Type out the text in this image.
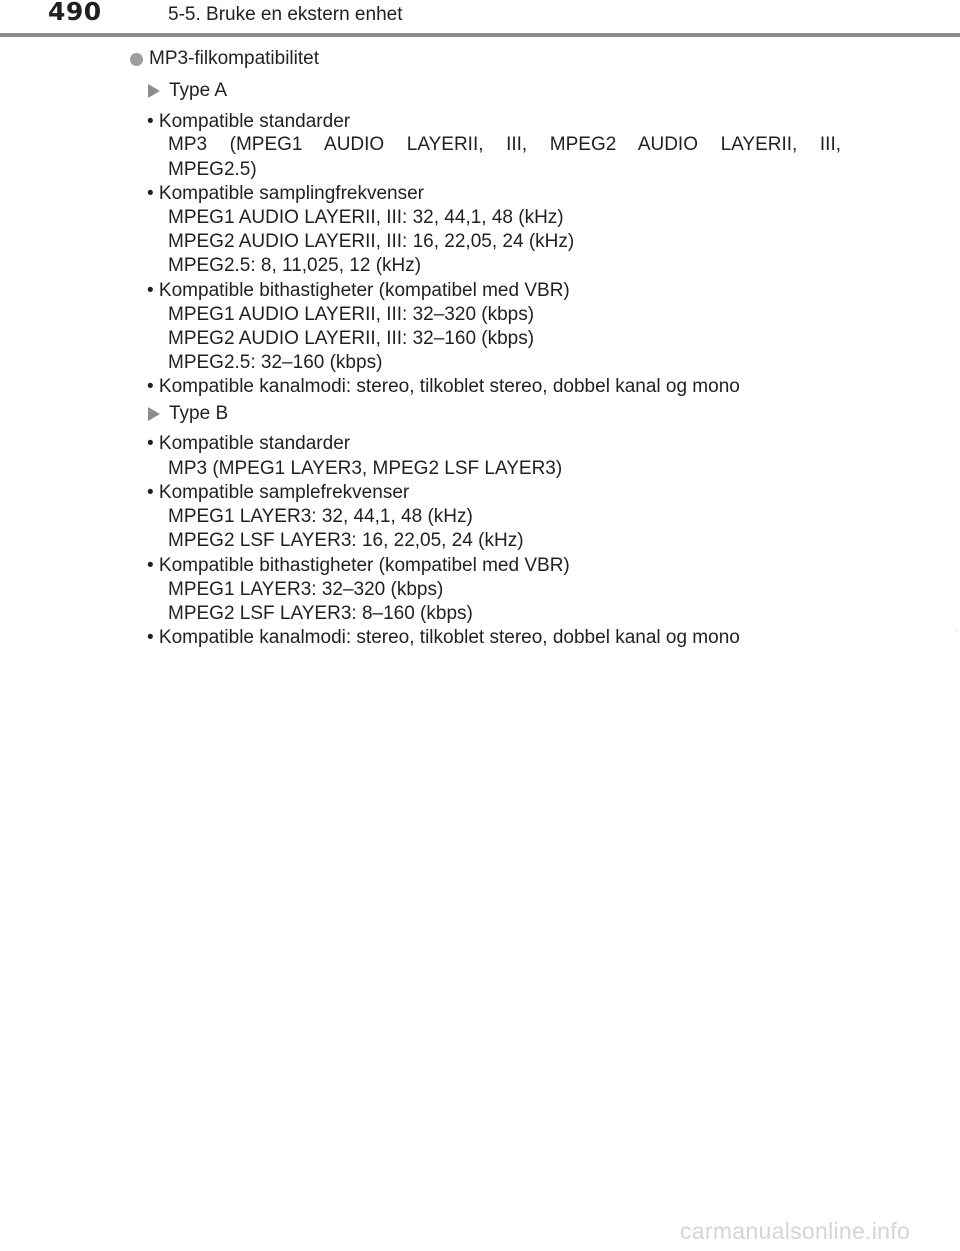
490	5-5. Bruke en ekstern enhet
MP3-filkompatibilitet
Type A
• Kompatible standarder
MP3 (MPEG1 AUDIO LAYERII, III, MPEG2 AUDIO LAYERII, III,
MPEG2.5)
• Kompatible samplingfrekvenser
MPEG1 AUDIO LAYERII, III: 32, 44,1, 48 (kHz)
MPEG2 AUDIO LAYERII, III: 16, 22,05, 24 (kHz)
MPEG2.5: 8, 11,025, 12 (kHz)
• Kompatible bithastigheter (kompatibel med VBR)
MPEG1 AUDIO LAYERII, III: 32–320 (kbps)
MPEG2 AUDIO LAYERII, III: 32–160 (kbps)
MPEG2.5: 32–160 (kbps)
• Kompatible kanalmodi: stereo, tilkoblet stereo, dobbel kanal og mono
Type B
• Kompatible standarder
MP3 (MPEG1 LAYER3, MPEG2 LSF LAYER3)
• Kompatible samplefrekvenser
MPEG1 LAYER3: 32, 44,1, 48 (kHz)
MPEG2 LSF LAYER3: 16, 22,05, 24 (kHz)
• Kompatible bithastigheter (kompatibel med VBR)
MPEG1 LAYER3: 32–320 (kbps)
MPEG2 LSF LAYER3: 8–160 (kbps)
• Kompatible kanalmodi: stereo, tilkoblet stereo, dobbel kanal og mono	·
carmanualsonline.info
